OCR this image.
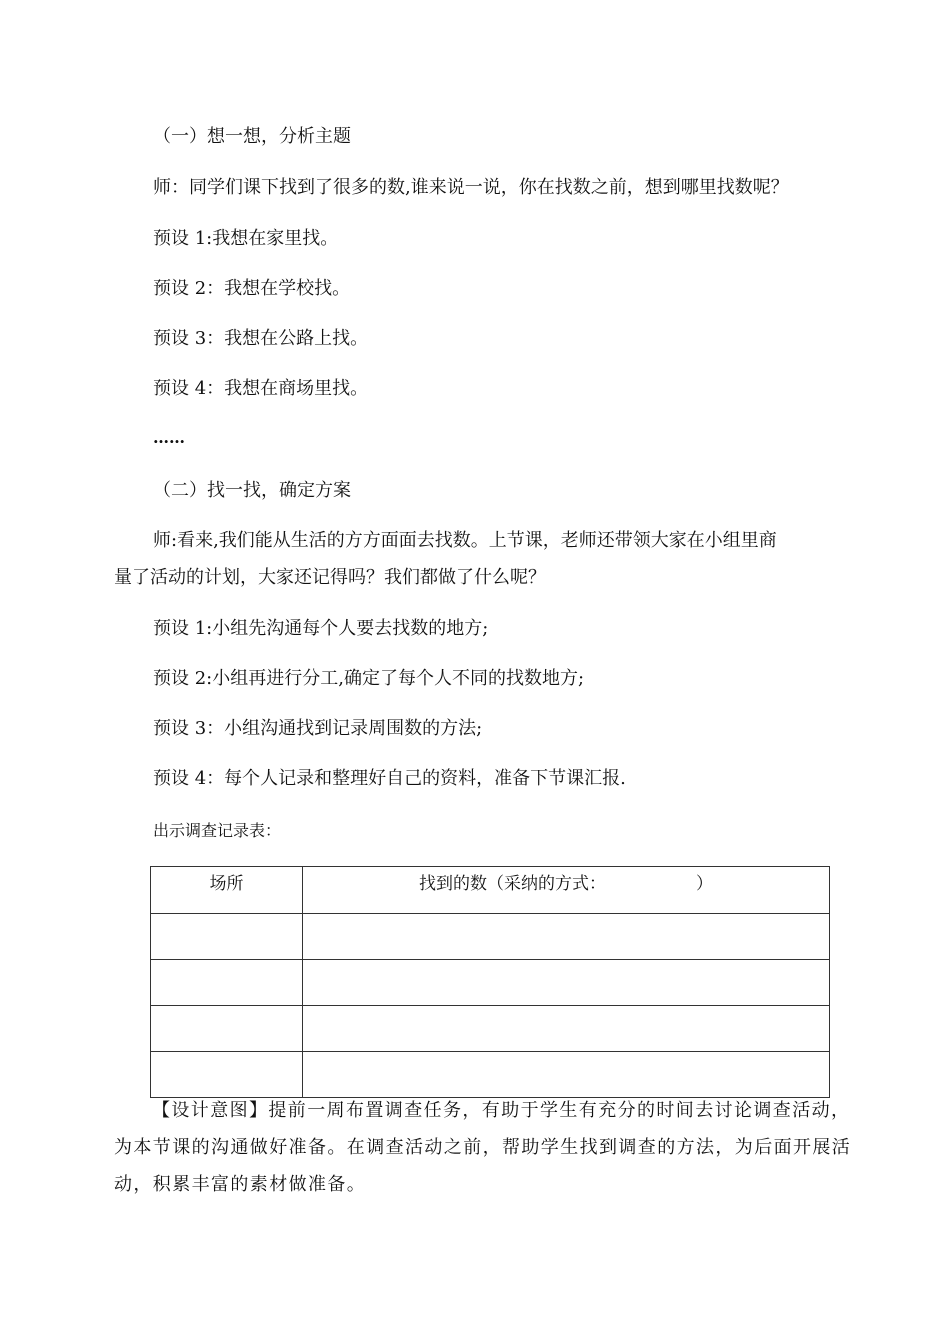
（一）想一想，分析主题
师：同学们课下找到了很多的数,谁来说一说，你在找数之前，想到哪里找数呢？
预设 1:我想在家里找。
预设 2：我想在学校找。
预设 3：我想在公路上找。
预设 4：我想在商场里找。
……
（二）找一找，确定方案
师:看来,我们能从生活的方方面面去找数。上节课，老师还带领大家在小组里商
量了活动的计划，大家还记得吗？我们都做了什么呢？
预设 1:小组先沟通每个人要去找数的地方;
预设 2:小组再进行分工,确定了每个人不同的找数地方;
预设 3：小组沟通找到记录周围数的方法;
预设 4：每个人记录和整理好自己的资料，准备下节课汇报.
出示调查记录表：
场所	找到的数（采纳的方式： ）

【设计意图】提前一周布置调查任务，有助于学生有充分的时间去讨论调查活动，为本节课的沟通做好准备。在调查活动之前，帮助学生找到调查的方法，为后面开展活动，积累丰富的素材做准备。
